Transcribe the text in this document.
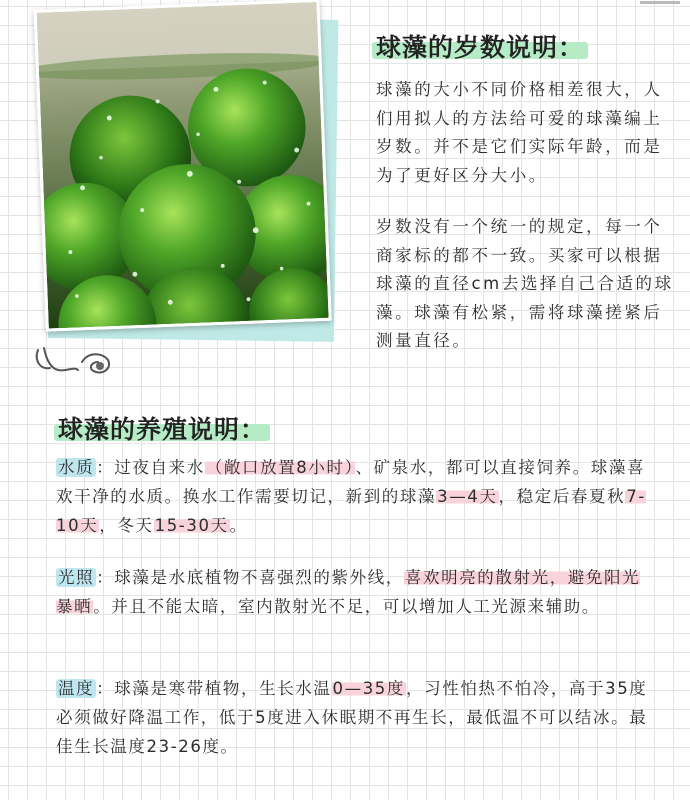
球藻的岁数说明：
球藻的大小不同价格相差很大，人们用拟人的方法给可爱的球藻编上岁数。并不是它们实际年龄，而是为了更好区分大小。
岁数没有一个统一的规定，每一个商家标的都不一致。买家可以根据球藻的直径cm去选择自己合适的球藻。球藻有松紧，需将球藻搓紧后测量直径。
球藻的养殖说明：
水质 ：过夜自来水（敞口放置8小时）、矿泉水，都可以直接饲养。球藻喜欢干净的水质。换水工作需要切记，新到的球藻3—4天，稳定后春夏秋7-10天，冬天15-30天。
光照 ：球藻是水底植物不喜强烈的紫外线，喜欢明亮的散射光，避免阳光暴晒。并且不能太暗，室内散射光不足，可以增加人工光源来辅助。
温度 ：球藻是寒带植物，生长水温0—35度，习性怕热不怕冷，高于35度必须做好降温工作，低于5度进入休眠期不再生长，最低温不可以结冰。最佳生长温度23-26度。
